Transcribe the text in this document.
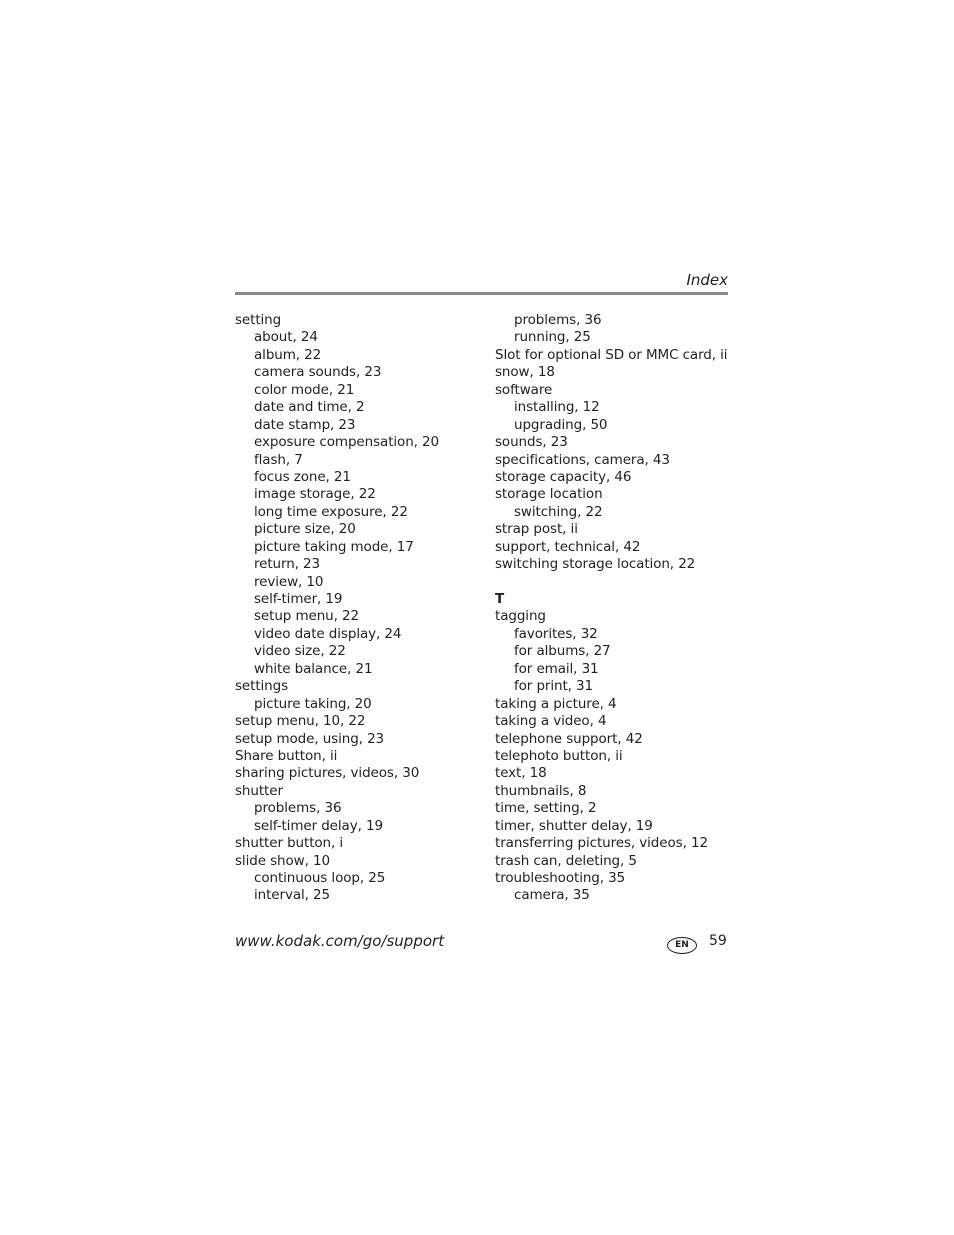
Index
setting
about, 24
album, 22
camera sounds, 23
color mode, 21
date and time, 2
date stamp, 23
exposure compensation, 20
flash, 7
focus zone, 21
image storage, 22
long time exposure, 22
picture size, 20
picture taking mode, 17
return, 23
review, 10
self-timer, 19
setup menu, 22
video date display, 24
video size, 22
white balance, 21
settings
picture taking, 20
setup menu, 10, 22
setup mode, using, 23
Share button, ii
sharing pictures, videos, 30
shutter
problems, 36
self-timer delay, 19
shutter button, i
slide show, 10
continuous loop, 25
interval, 25
problems, 36
running, 25
Slot for optional SD or MMC card, ii
snow, 18
software
installing, 12
upgrading, 50
sounds, 23
specifications, camera, 43
storage capacity, 46
storage location
switching, 22
strap post, ii
support, technical, 42
switching storage location, 22
T
tagging
favorites, 32
for albums, 27
for email, 31
for print, 31
taking a picture, 4
taking a video, 4
telephone support, 42
telephoto button, ii
text, 18
thumbnails, 8
time, setting, 2
timer, shutter delay, 19
transferring pictures, videos, 12
trash can, deleting, 5
troubleshooting, 35
camera, 35
www.kodak.com/go/support	EN	59
